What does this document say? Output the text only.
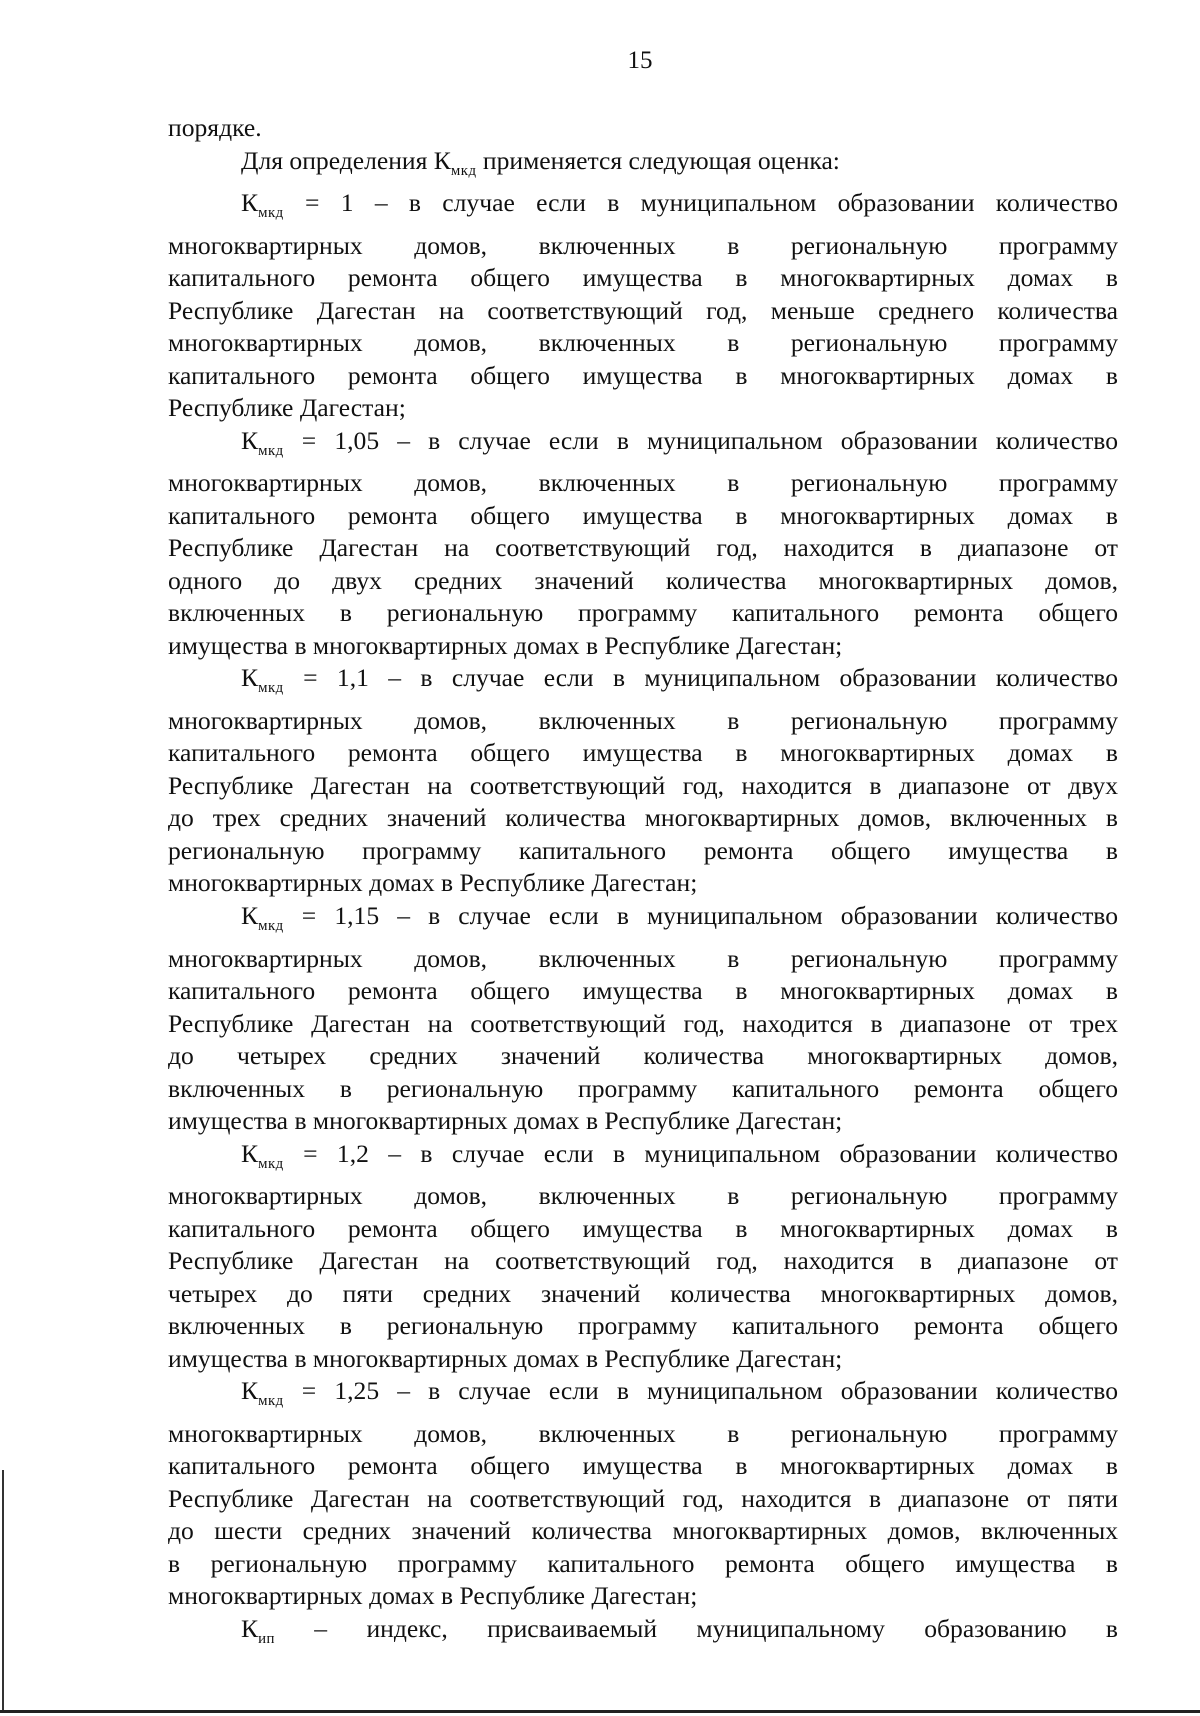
15

порядке.

Для определения $К_{мкд}$ применяется следующая оценка:

$К_{мкд} = 1 - в$ случае если в муниципальном образовании количество

многоквартирных домов, включенных в региональную программу

капитального ремонта общего имущества в многоквартирных домах в

Республике Дагестан на соответствующий год, меньше среднего количества

многоквартирных домов, включенных в региональную программу

капитального ремонта общего имущества в многоквартирных домах в

Республике Дагестан;

$К_{мкд} = 1,05 - в$ случае если в муниципальном образовании количество

многоквартирных домов, включенных в региональную программу

капитального ремонта общего имущества в многоквартирных домах в

Республике Дагестан на соответствующий год, находится в диапазоне от

одного до двух средних значений количества многоквартирных домов,

включенных в региональную программу капитального ремонта общего

имущества в многоквартирных домах в Республике Дагестан;

$К_{мкд} = 1,1 - в$ случае если в муниципальном образовании количество

многоквартирных домов, включенных в региональную программу

капитального ремонта общего имущества в многоквартирных домах в

Республике Дагестан на соответствующий год, находится в диапазоне от двух

до трех средних значений количества многоквартирных домов, включенных в

региональную программу капитального ремонта общего имущества в

многоквартирных домах в Республике Дагестан;

$К_{мкд} = 1,15 - в$ случае если в муниципальном образовании количество

многоквартирных домов, включенных в региональную программу

капитального ремонта общего имущества в многоквартирных домах в

Республике Дагестан на соответствующий год, находится в диапазоне от трех

до четырех средних значений количества многоквартирных домов,

включенных в региональную программу капитального ремонта общего

имущества в многоквартирных домах в Республике Дагестан;

$К_{мкд} = 1,2 - в$ случае если в муниципальном образовании количество

многоквартирных домов, включенных в региональную программу

капитального ремонта общего имущества в многоквартирных домах в

Республике Дагестан на соответствующий год, находится в диапазоне от

четырех до пяти средних значений количества многоквартирных домов,

включенных в региональную программу капитального ремонта общего

имущества в многоквартирных домах в Республике Дагестан;

$К_{мкд} = 1,25 - в$ случае если в муниципальном образовании количество

многоквартирных домов, включенных в региональную программу

капитального ремонта общего имущества в многоквартирных домах в

Республике Дагестан на соответствующий год, находится в диапазоне от пяти

до шести средних значений количества многоквартирных домов, включенных

в региональную программу капитального ремонта общего имущества в

многоквартирных домах в Республике Дагестан;

$К_{ип}$ – индекс, присваиваемый муниципальному образованию в
